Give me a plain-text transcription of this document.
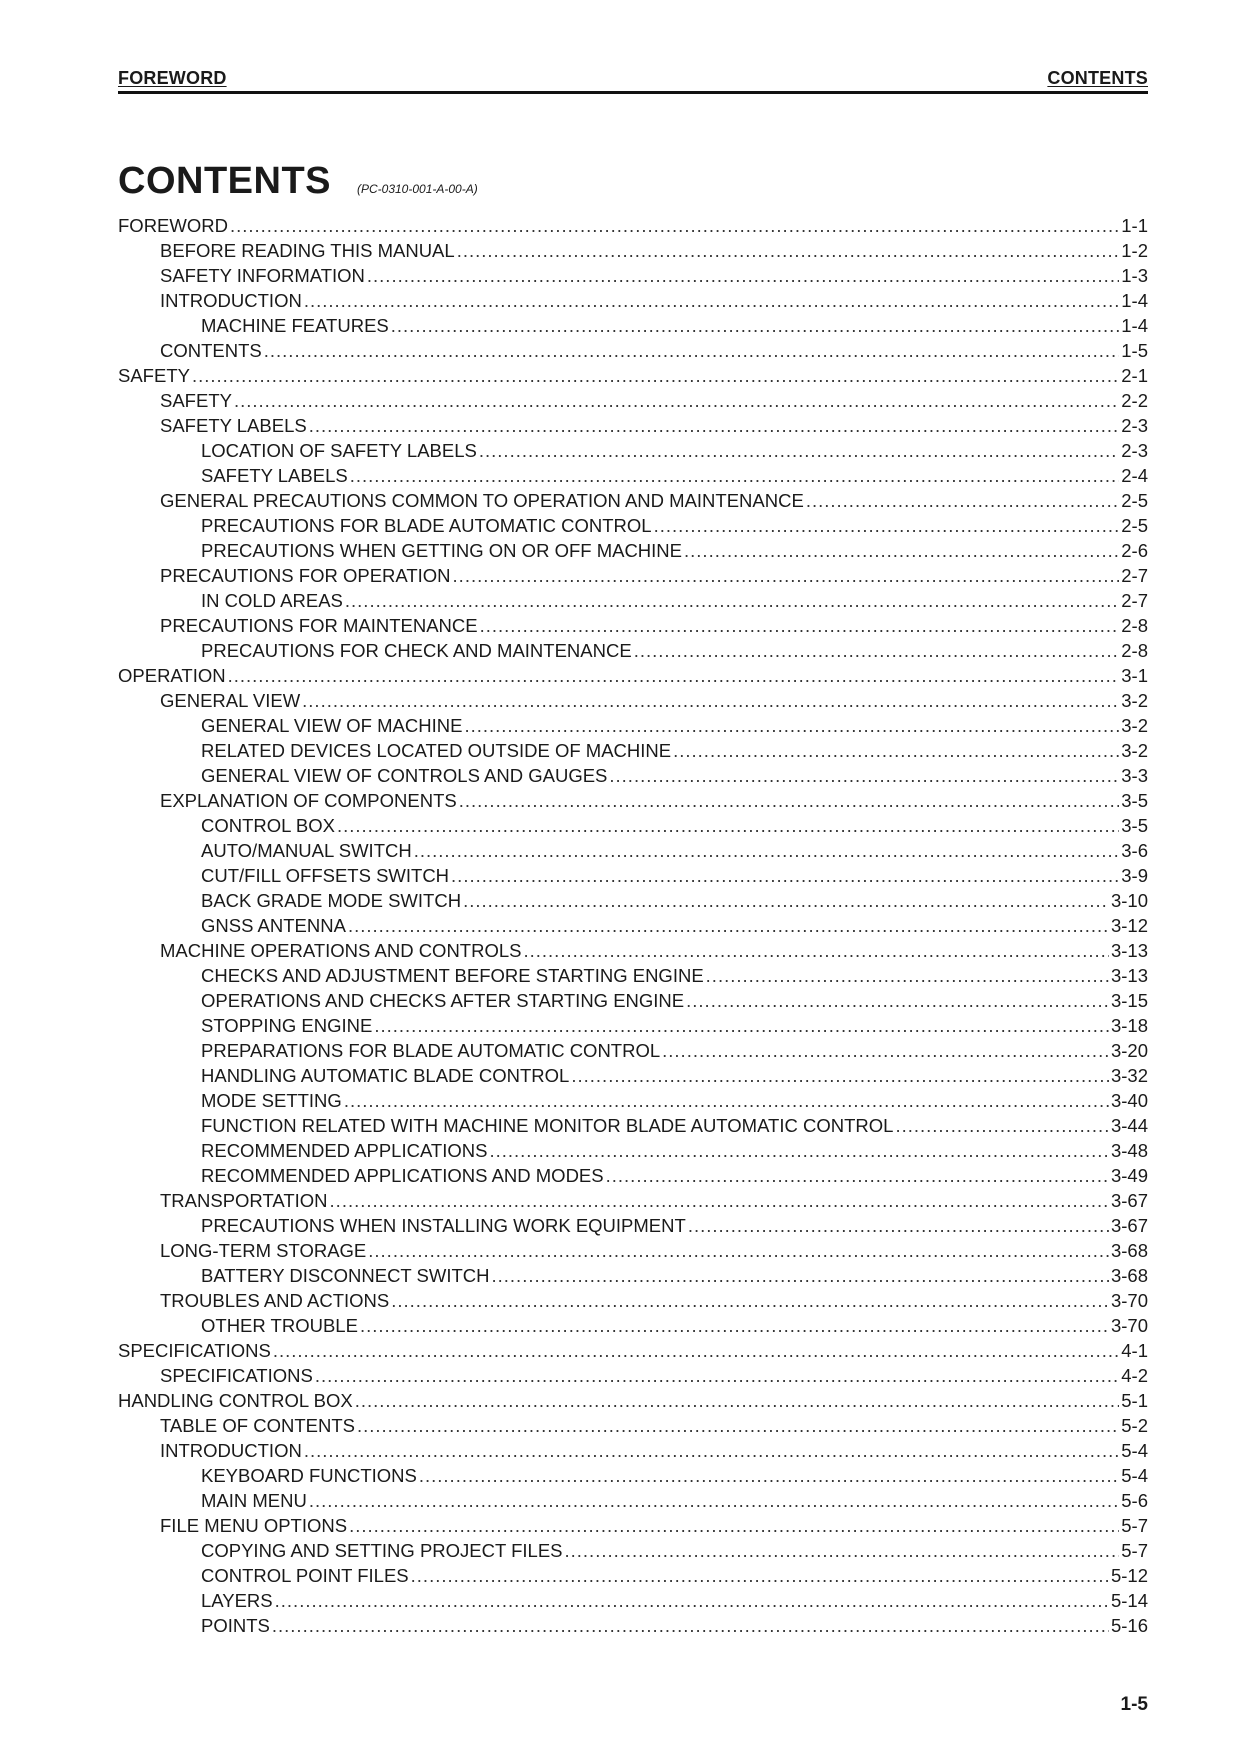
FOREWORD	CONTENTS
CONTENTS (PC-0310-001-A-00-A)
FOREWORD .....	1-1
BEFORE READING THIS MANUAL .....	1-2
SAFETY INFORMATION .....	1-3
INTRODUCTION .....	1-4
MACHINE FEATURES .....	1-4
CONTENTS .....	1-5
SAFETY .....	2-1
SAFETY .....	2-2
SAFETY LABELS .....	2-3
LOCATION OF SAFETY LABELS .....	2-3
SAFETY LABELS .....	2-4
GENERAL PRECAUTIONS COMMON TO OPERATION AND MAINTENANCE .....	2-5
PRECAUTIONS FOR BLADE AUTOMATIC CONTROL .....	2-5
PRECAUTIONS WHEN GETTING ON OR OFF MACHINE .....	2-6
PRECAUTIONS FOR OPERATION .....	2-7
IN COLD AREAS .....	2-7
PRECAUTIONS FOR MAINTENANCE .....	2-8
PRECAUTIONS FOR CHECK AND MAINTENANCE .....	2-8
OPERATION .....	3-1
GENERAL VIEW .....	3-2
GENERAL VIEW OF MACHINE .....	3-2
RELATED DEVICES LOCATED OUTSIDE OF MACHINE .....	3-2
GENERAL VIEW OF CONTROLS AND GAUGES .....	3-3
EXPLANATION OF COMPONENTS .....	3-5
CONTROL BOX .....	3-5
AUTO/MANUAL SWITCH .....	3-6
CUT/FILL OFFSETS SWITCH .....	3-9
BACK GRADE MODE SWITCH .....	3-10
GNSS ANTENNA .....	3-12
MACHINE OPERATIONS AND CONTROLS .....	3-13
CHECKS AND ADJUSTMENT BEFORE STARTING ENGINE .....	3-13
OPERATIONS AND CHECKS AFTER STARTING ENGINE .....	3-15
STOPPING ENGINE .....	3-18
PREPARATIONS FOR BLADE AUTOMATIC CONTROL .....	3-20
HANDLING AUTOMATIC BLADE CONTROL .....	3-32
MODE SETTING .....	3-40
FUNCTION RELATED WITH MACHINE MONITOR BLADE AUTOMATIC CONTROL .....	3-44
RECOMMENDED APPLICATIONS .....	3-48
RECOMMENDED APPLICATIONS AND MODES .....	3-49
TRANSPORTATION .....	3-67
PRECAUTIONS WHEN INSTALLING WORK EQUIPMENT .....	3-67
LONG-TERM STORAGE .....	3-68
BATTERY DISCONNECT SWITCH .....	3-68
TROUBLES AND ACTIONS .....	3-70
OTHER TROUBLE .....	3-70
SPECIFICATIONS .....	4-1
SPECIFICATIONS .....	4-2
HANDLING CONTROL BOX .....	5-1
TABLE OF CONTENTS .....	5-2
INTRODUCTION .....	5-4
KEYBOARD FUNCTIONS .....	5-4
MAIN MENU .....	5-6
FILE MENU OPTIONS .....	5-7
COPYING AND SETTING PROJECT FILES .....	5-7
CONTROL POINT FILES .....	5-12
LAYERS .....	5-14
POINTS .....	5-16
1-5
